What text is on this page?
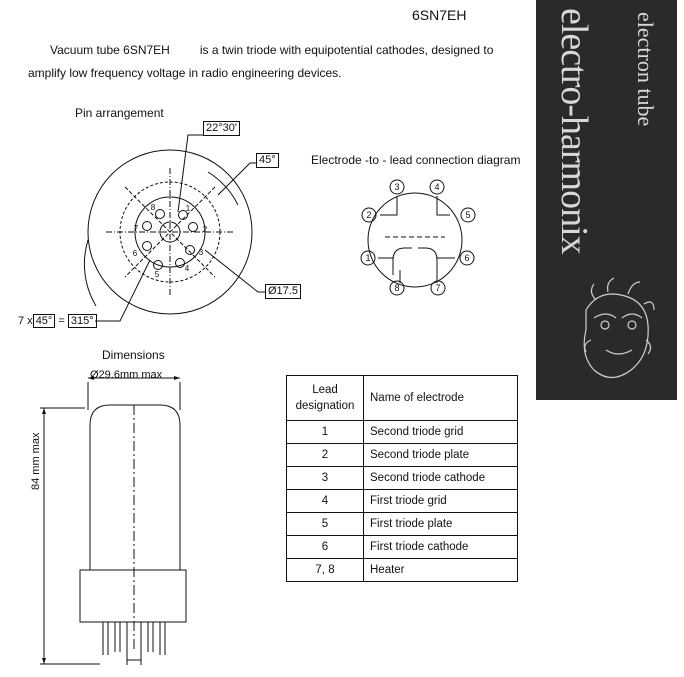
6SN7EH
Vacuum tube 6SN7EH	is a twin triode with equipotential cathodes, designed to
amplify low frequency voltage in radio engineering devices.
Pin arrangement
Electrode -to - lead connection diagram
Dimensions
1
2
3
4
5
6
7
8
1
2
3	4
5
6
7
8
22°30'
45°
Ø17.5
7 x 45° = 315°
Ø29.6mm max
84 mm max
Lead designation	Name of electrode
1	Second triode grid
2	Second triode plate
3	Second triode cathode
4	First triode grid
5	First triode plate
6	First triode cathode
7, 8	Heater
electro-harmonix electron tube
